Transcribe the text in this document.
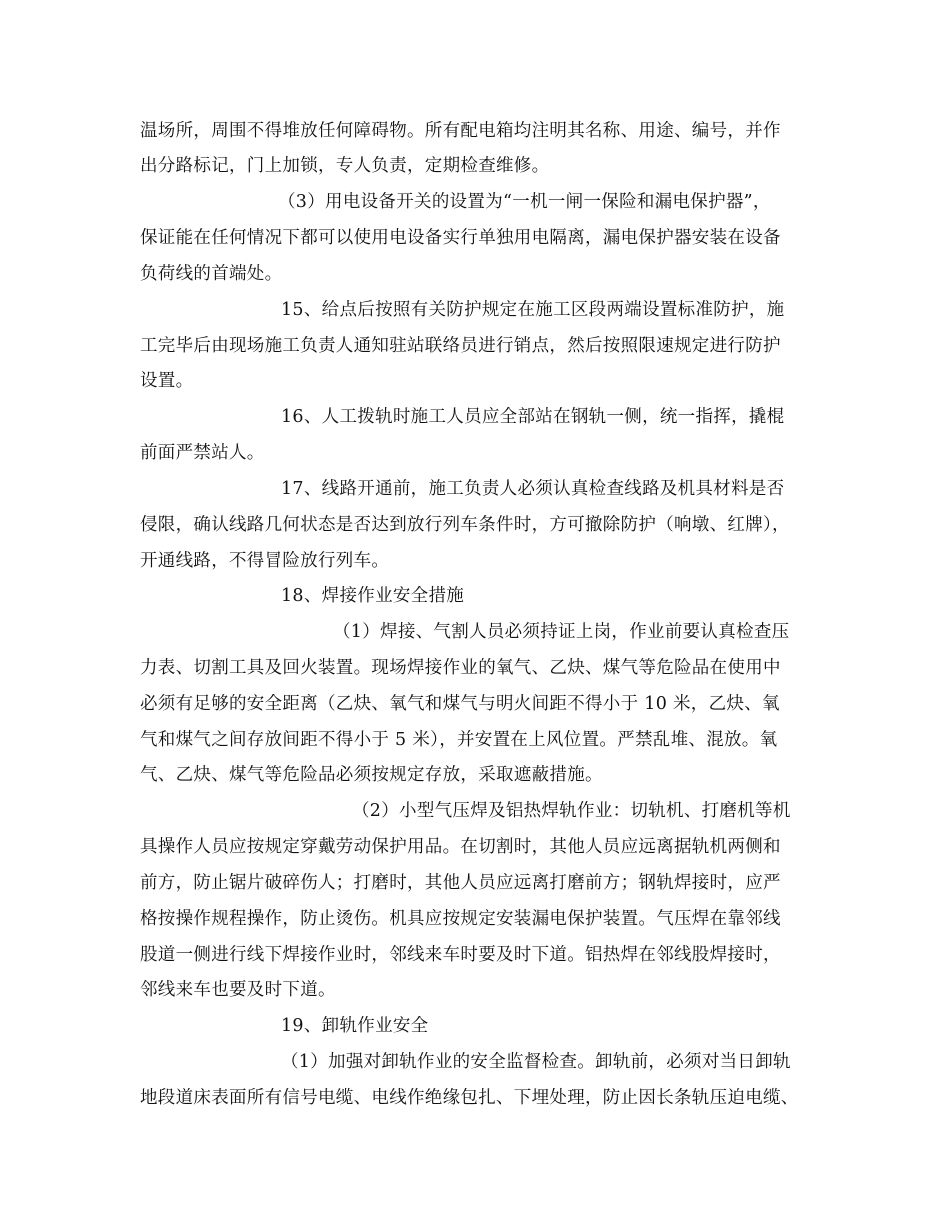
温场所，周围不得堆放任何障碍物。所有配电箱均注明其名称、用途、编号，并作
出分路标记，门上加锁，专人负责，定期检查维修。
（3）用电设备开关的设置为“一机一闸一保险和漏电保护器”，
保证能在任何情况下都可以使用电设备实行单独用电隔离，漏电保护器安装在设备
负荷线的首端处。
15、给点后按照有关防护规定在施工区段两端设置标准防护，施
工完毕后由现场施工负责人通知驻站联络员进行销点，然后按照限速规定进行防护
设置。
16、人工拨轨时施工人员应全部站在钢轨一侧，统一指挥，撬棍
前面严禁站人。
17、线路开通前，施工负责人必须认真检查线路及机具材料是否
侵限，确认线路几何状态是否达到放行列车条件时，方可撤除防护（响墩、红牌），
开通线路，不得冒险放行列车。
18、焊接作业安全措施
（1）焊接、气割人员必须持证上岗，作业前要认真检查压
力表、切割工具及回火装置。现场焊接作业的氧气、乙炔、煤气等危险品在使用中
必须有足够的安全距离（乙炔、氧气和煤气与明火间距不得小于 10 米，乙炔、氧
气和煤气之间存放间距不得小于 5 米），并安置在上风位置。严禁乱堆、混放。氧
气、乙炔、煤气等危险品必须按规定存放，采取遮蔽措施。
（2）小型气压焊及铝热焊轨作业：切轨机、打磨机等机
具操作人员应按规定穿戴劳动保护用品。在切割时，其他人员应远离据轨机两侧和
前方，防止锯片破碎伤人；打磨时，其他人员应远离打磨前方；钢轨焊接时，应严
格按操作规程操作，防止烫伤。机具应按规定安装漏电保护装置。气压焊在靠邻线
股道一侧进行线下焊接作业时，邻线来车时要及时下道。铝热焊在邻线股焊接时，
邻线来车也要及时下道。
19、卸轨作业安全
（1）加强对卸轨作业的安全监督检查。卸轨前，必须对当日卸轨
地段道床表面所有信号电缆、电线作绝缘包扎、下埋处理，防止因长条轨压迫电缆、
